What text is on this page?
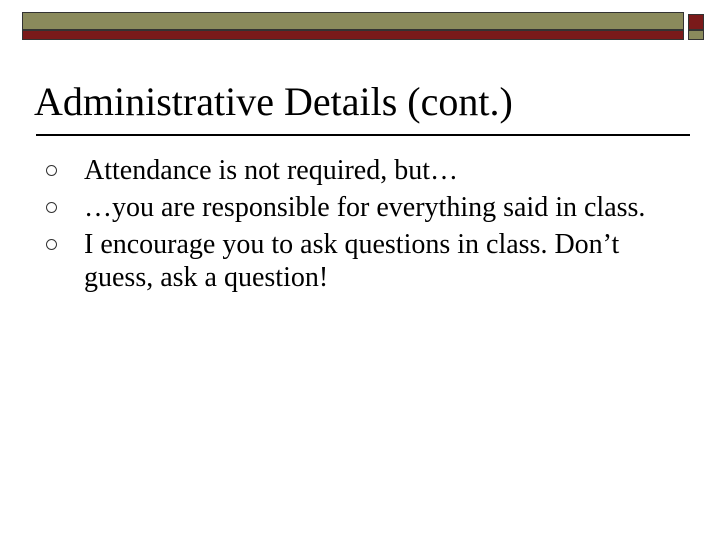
Administrative Details (cont.)
Attendance is not required, but…
…you are responsible for everything said in class.
I encourage you to ask questions in class. Don’t guess, ask a question!
